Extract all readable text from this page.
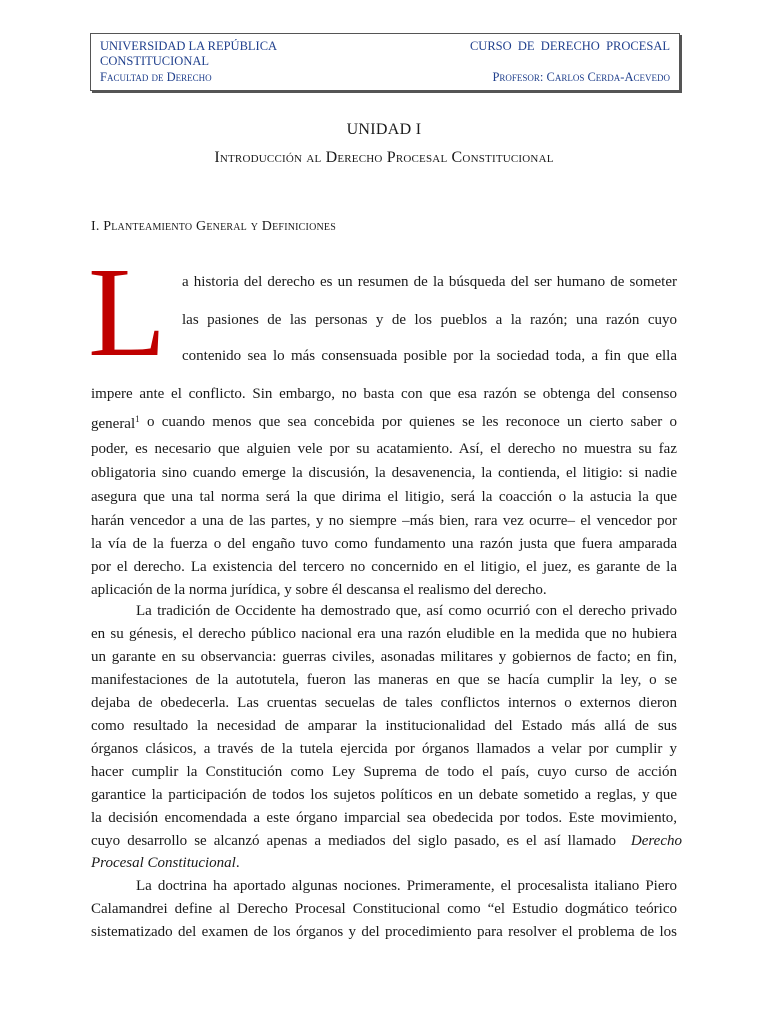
UNIVERSIDAD LA REPÚBLICA
CONSTITUCIONAL
Facultad de Derecho
CURSO  DE  DERECHO  PROCESAL
Profesor: Carlos Cerda-Acevedo
UNIDAD I
Introducción al Derecho Procesal Constitucional
I. Planteamiento General y Definiciones
L a historia del derecho es un resumen de la búsqueda del ser humano de someter
las pasiones de las personas y de los pueblos a la razón; una razón cuyo
contenido sea lo más consensuada posible por la sociedad toda, a fin que ella
impere ante el conflicto. Sin embargo, no basta con que esa razón se obtenga del consenso
general$^1$ o cuando menos que sea concebida por quienes se les reconoce un cierto saber o
poder, es necesario que alguien vele por su acatamiento. Así, el derecho no muestra su faz
obligatoria sino cuando emerge la discusión, la desavenencia, la contienda, el litigio: si nadie
asegura que una tal norma será la que dirima el litigio, será la coacción o la astucia la que
harán vencedor a una de las partes, y no siempre –más bien, rara vez ocurre– el vencedor por
la vía de la fuerza o del engaño tuvo como fundamento una razón justa que fuera amparada
por el derecho. La existencia del tercero no concernido en el litigio, el juez, es garante de la
aplicación de la norma jurídica, y sobre él descansa el realismo del derecho.
La tradición de Occidente ha demostrado que, así como ocurrió con el derecho privado
en su génesis, el derecho público nacional era una razón eludible en la medida que no hubiera
un garante en su observancia: guerras civiles, asonadas militares y gobiernos de facto; en fin,
manifestaciones de la autotutela, fueron las maneras en que se hacía cumplir la ley, o se
dejaba de obedecerla. Las cruentas secuelas de tales conflictos internos o externos dieron
como resultado la necesidad de amparar la institucionalidad del Estado más allá de sus
órganos clásicos, a través de la tutela ejercida por órganos llamados a velar por cumplir y
hacer cumplir la Constitución como Ley Suprema de todo el país, cuyo curso de acción
garantice la participación de todos los sujetos políticos en un debate sometido a reglas, y que
la decisión encomendada a este órgano imparcial sea obedecida por todos. Este movimiento,
cuyo desarrollo se alcanzó apenas a mediados del siglo pasado, es el así llamado Derecho
Procesal Constitucional.
La doctrina ha aportado algunas nociones. Primeramente, el procesalista italiano Piero
Calamandrei define al Derecho Procesal Constitucional como “el Estudio dogmático teórico
sistematizado del examen de los órganos y del procedimiento para resolver el problema de los
